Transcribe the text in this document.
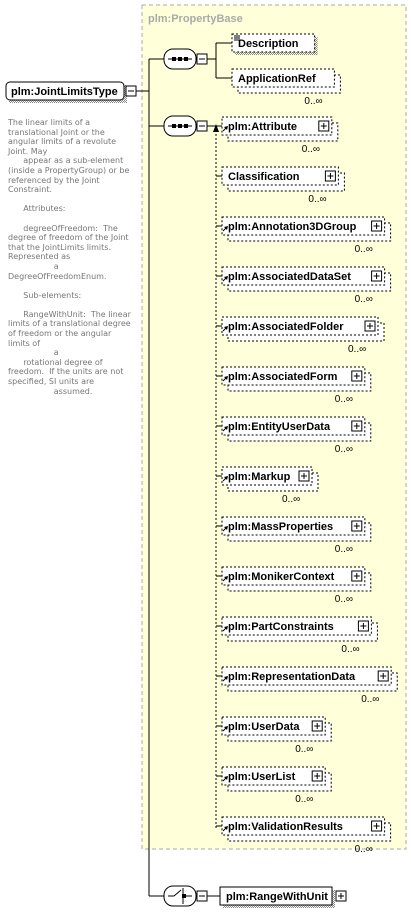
plm:PropertyBase
plm:JointLimitsType
Description
ApplicationRef
0..∞
plm:Attribute
0..∞
Classification
0..∞
plm:Annotation3DGroup
0..∞
plm:AssociatedDataSet
0..∞
plm:AssociatedFolder
0..∞
plm:AssociatedForm
0..∞
plm:EntityUserData
0..∞
plm:Markup
0..∞
plm:MassProperties
0..∞
plm:MonikerContext
0..∞
plm:PartConstraints
0..∞
plm:RepresentationData
0..∞
plm:UserData
0..∞
plm:UserList
0..∞
plm:ValidationResults
0..∞
plm:RangeWithUnit
The linear limits of a translational Joint or the angular limits of a revolute Joint. May
appear as a sub-element (inside a PropertyGroup) or be referenced by the Joint Constraint.

Attributes:

degreeOfFreedom:  The degree of freedom of the Joint that the JointLimits limits. Represented as
a DegreeOfFreedomEnum.

Sub-elements:

RangeWithUnit:  The linear limits of a translational degree of freedom or the angular limits of
a
rotational degree of freedom.  If the units are not specified, SI units are
assumed.
